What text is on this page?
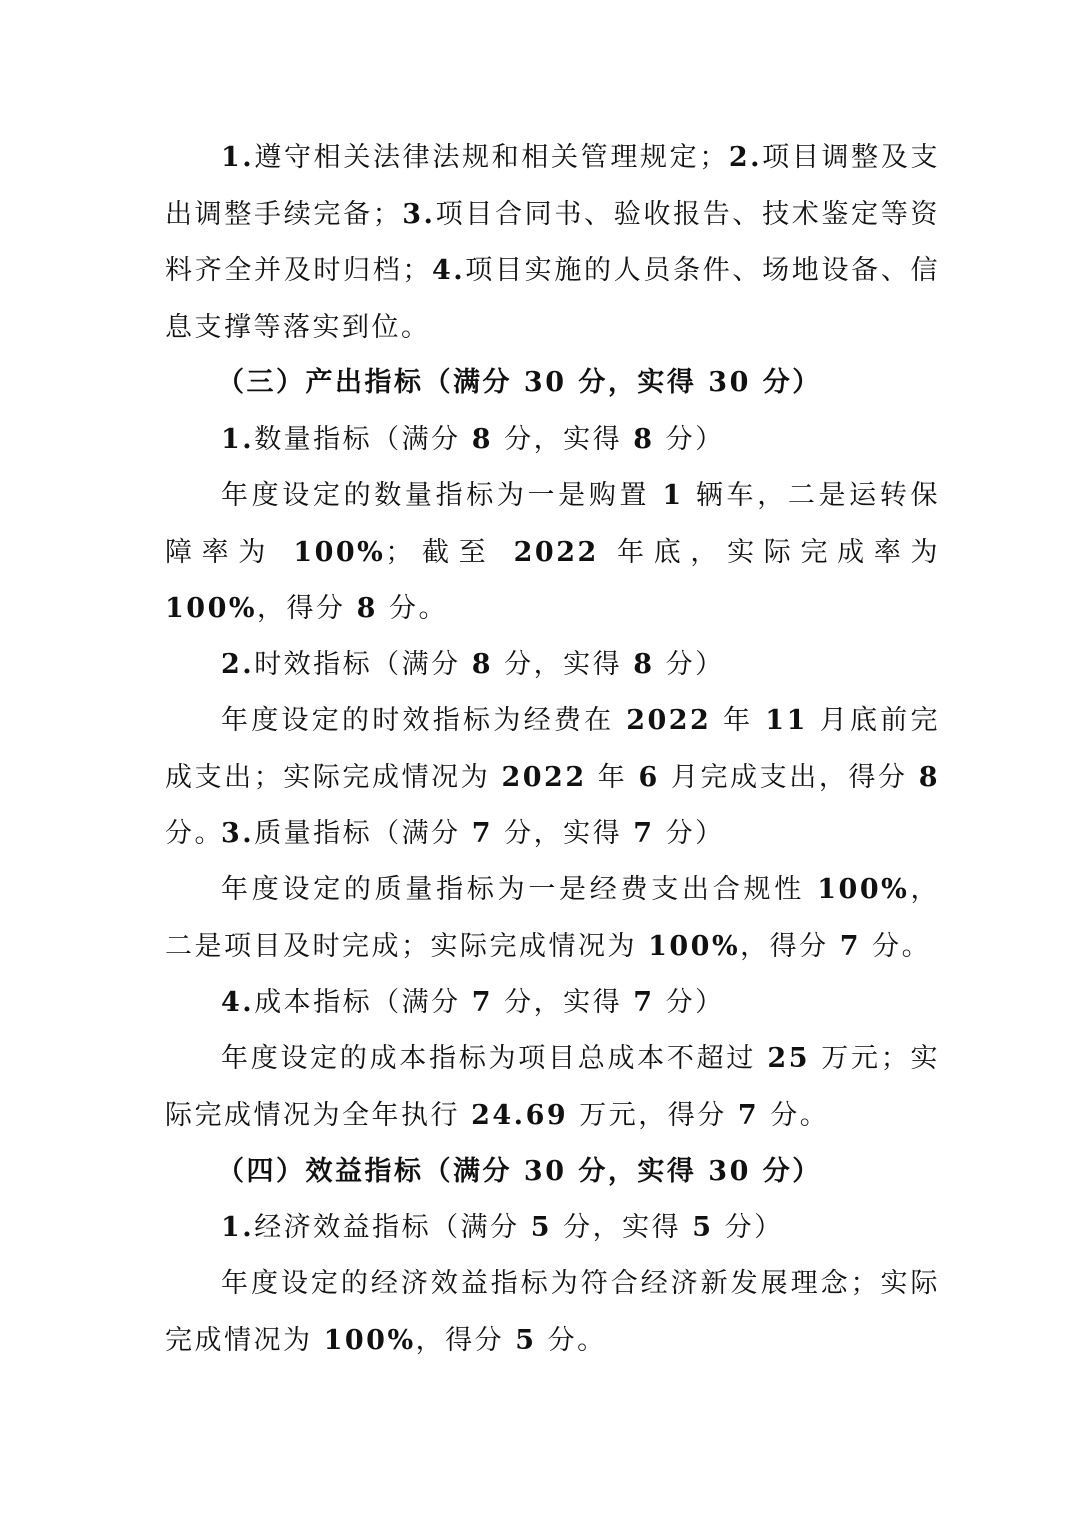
1.遵守相关法律法规和相关管理规定；2.项目调整及支出调整手续完备；3.项目合同书、验收报告、技术鉴定等资料齐全并及时归档；4.项目实施的人员条件、场地设备、信息支撑等落实到位。

（三）产出指标（满分 30 分，实得 30 分）

1.数量指标（满分 8 分，实得 8 分）

年度设定的数量指标为一是购置 1 辆车，二是运转保障率为 100%；截至 2022 年底，实际完成率为 100%，得分 8 分。

2.时效指标（满分 8 分，实得 8 分）

年度设定的时效指标为经费在 2022 年 11 月底前完成支出；实际完成情况为 2022 年 6 月完成支出，得分 8 分。

3.质量指标（满分 7 分，实得 7 分）

年度设定的质量指标为一是经费支出合规性 100%，二是项目及时完成；实际完成情况为 100%，得分 7 分。

4.成本指标（满分 7 分，实得 7 分）

年度设定的成本指标为项目总成本不超过 25 万元；实际完成情况为全年执行 24.69 万元，得分 7 分。

（四）效益指标（满分 30 分，实得 30 分）

1.经济效益指标（满分 5 分，实得 5 分）

年度设定的经济效益指标为符合经济新发展理念；实际完成情况为 100%，得分 5 分。
